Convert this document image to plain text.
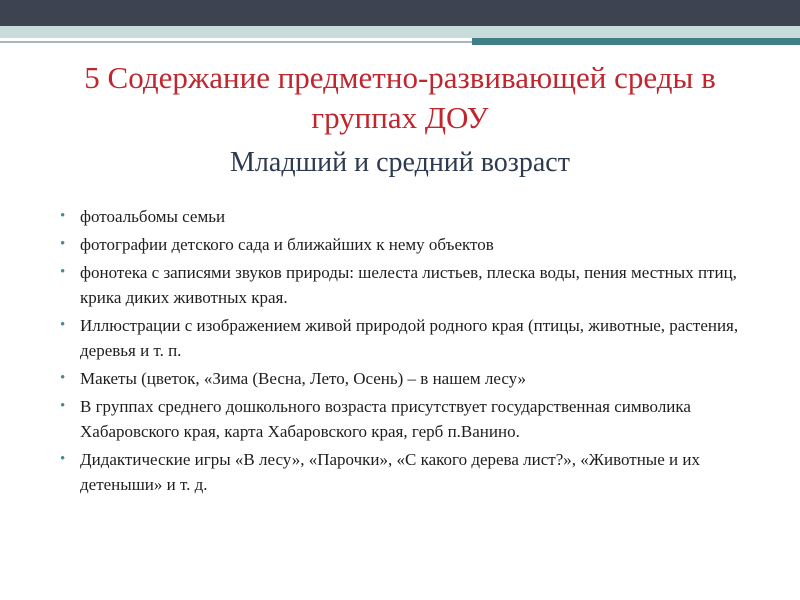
5 Содержание предметно-развивающей среды в группах ДОУ
Младший и средний возраст
• фотоальбомы семьи
• фотографии детского сада и ближайших к нему объектов
• фонотека с записями звуков природы: шелеста листьев, плеска воды, пения местных птиц, крика диких животных края.
• Иллюстрации с изображением живой природой родного края (птицы, животные, растения, деревья и т. п.
• Макеты (цветок, «Зима (Весна, Лето, Осень) – в нашем лесу»
• В группах среднего дошкольного возраста присутствует государственная символика Хабаровского края, карта Хабаровского края, герб п.Ванино.
• Дидактические игры «В лесу», «Парочки», «С какого дерева лист?», «Животные и их детеныши» и т. д.
